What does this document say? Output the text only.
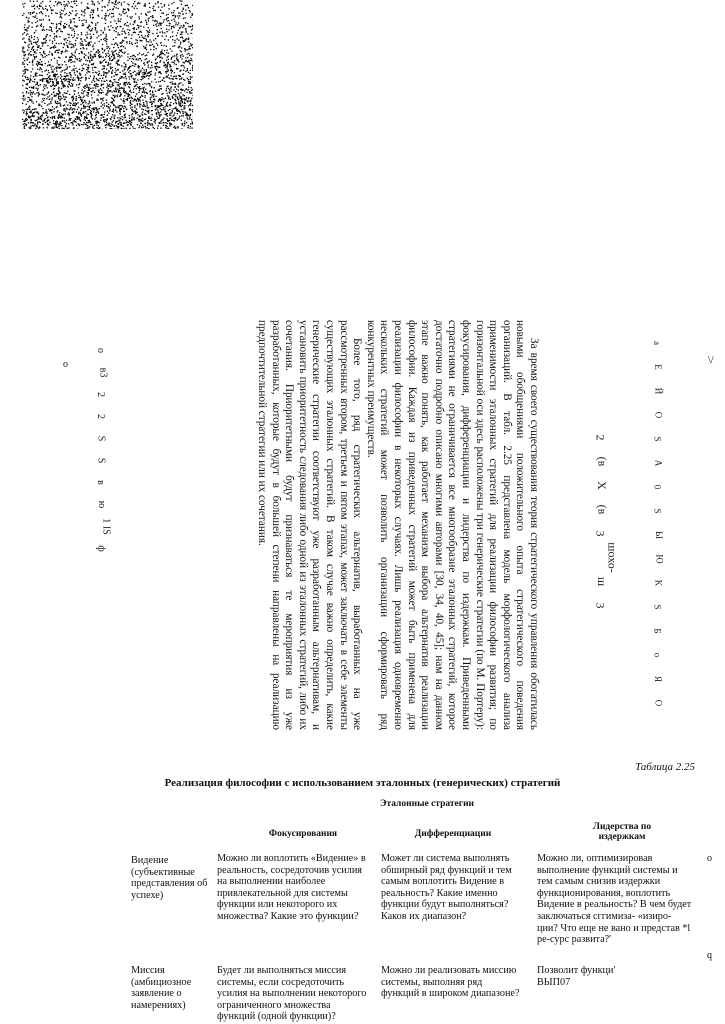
За время своего существования теория стратегического управления обогатилась новыми обобщениями положительного опыта стратегического поведения организаций. В табл. 2.25 представлена модель морфологического анализа применимости эталонных стратегий для реализации философии развития; по горизонтальной оси здесь расположены три генерические стратегии (по М. Портеру): фокусирования, дифференциации и лидерства по издержкам. Приведенными стратегиями не ограничивается все многообразие эталонных стратегий, которое достаточно подробно описано многими авторами [30, 34, 40, 45]; нам на данном этапе важно понять, как работает механизм выбора альтернатив реализации философии. Каждая из приведенных стратегий может быть применена для реализации философии в некоторых случаях. Лишь реализация одновременно нескольких стратегий может позволить организации сформировать ряд конкурентных преимуществ.

Более того, ряд стратегических альтернатив, выработанных на уже рассмотренных втором, третьем и пятом этапах, может заключать в себе элементы существующих эталонных стратегий. В таком случае важно определить, какие генерические стратегии соответствуют уже разработанным альтернативам, и установить приоритетность следования либо одной из эталонных стратегий, либо их сочетания. Приоритетными будут признаваться те мероприятия из уже разработанных, которые будут в большей степени направлены на реализацию предпочтительной стратегии или их сочетания.

о
в3
2
2
S
S
в
ю
1 IS
ф
2
(в
X
(в
3
шохо-
ш
3
а
Е
Й
О
S
А
0
S
Ы
Ю
K
S
Б
о
Я
О
о
о
q
\/
Таблица 2.25
Реализация философии с использованием эталонных (генерических) стратегий
Эталонные стратегии
Фокусирования	Дифференциации
Лидерства по издержкам
Видение (субъективные представления об успехе)
Можно ли воплотить «Видение» в реальность, сосредоточив усилия на выполнении наиболее привлекательной для системы функции или некоторого их множества? Какие это функции?
Может ли система выполнять обширный ряд функций и тем самым воплотить Видение в реальность? Какие именно функции будут выполняться? Каков их диапазон?
Можно ли, оптимизировав выполнение функций системы и тем самым снизив издержки функционирования, воплотить Видение в реальность? В чем будет заключаться сггимиза- «изиро-ции? Что еще не вано и представ *l ре-сурс развита?'
Миссия (амбициозное заявление о намерениях)
Будет ли выполняться миссия системы, если сосредоточить усилия на выполнении некоторого ограниченного множества функций (одной функции)?
Можно ли реализовать миссию системы, выполняя ряд функций в широком диапазоне?
Позволит функци' ВЫП07
